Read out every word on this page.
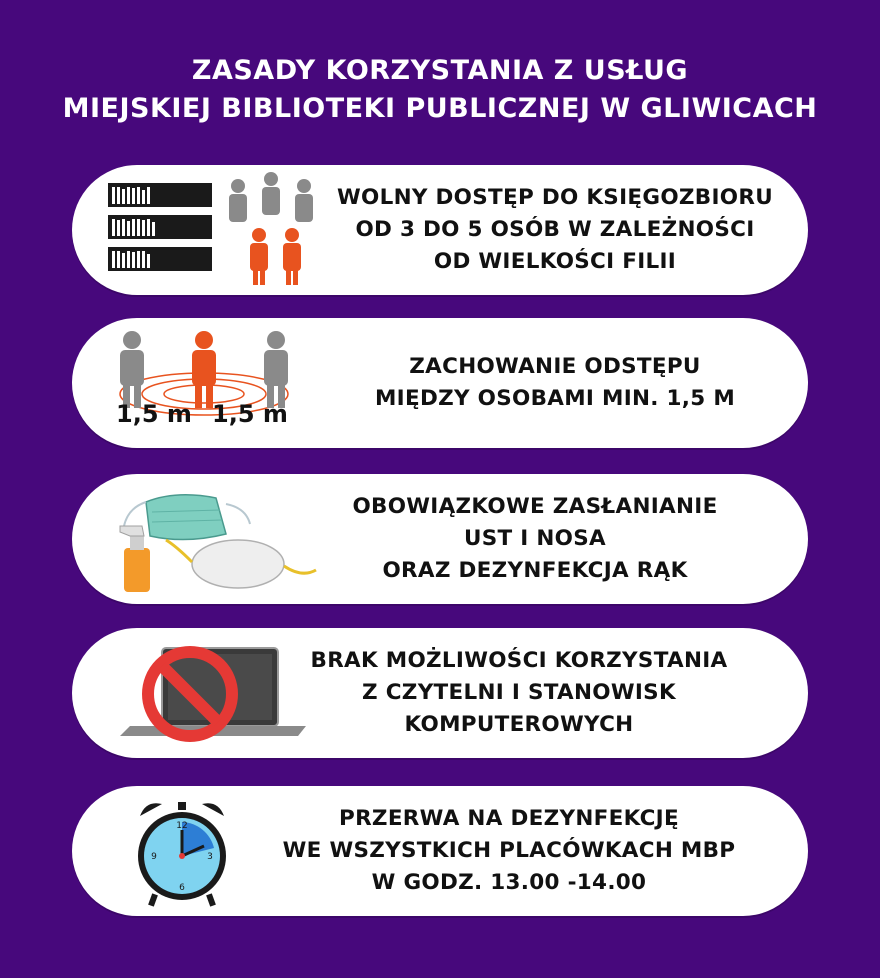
ZASADY KORZYSTANIA Z USŁUG
MIEJSKIEJ BIBLIOTEKI PUBLICZNEJ W GLIWICACH
WOLNY DOSTĘP DO KSIĘGOZBIORU
OD 3 DO 5 OSÓB W ZALEŻNOŚCI
OD WIELKOŚCI FILII
1,5 m 1,5 m
ZACHOWANIE ODSTĘPU
MIĘDZY OSOBAMI MIN. 1,5 M
OBOWIĄZKOWE ZASŁANIANIE
UST I NOSA
ORAZ DEZYNFEKCJA RĄK
BRAK MOŻLIWOŚCI KORZYSTANIA
Z CZYTELNI I STANOWISK
KOMPUTEROWYCH
12
3
6
9
PRZERWA NA DEZYNFEKCJĘ
WE WSZYSTKICH PLACÓWKACH MBP
W GODZ. 13.00 -14.00
